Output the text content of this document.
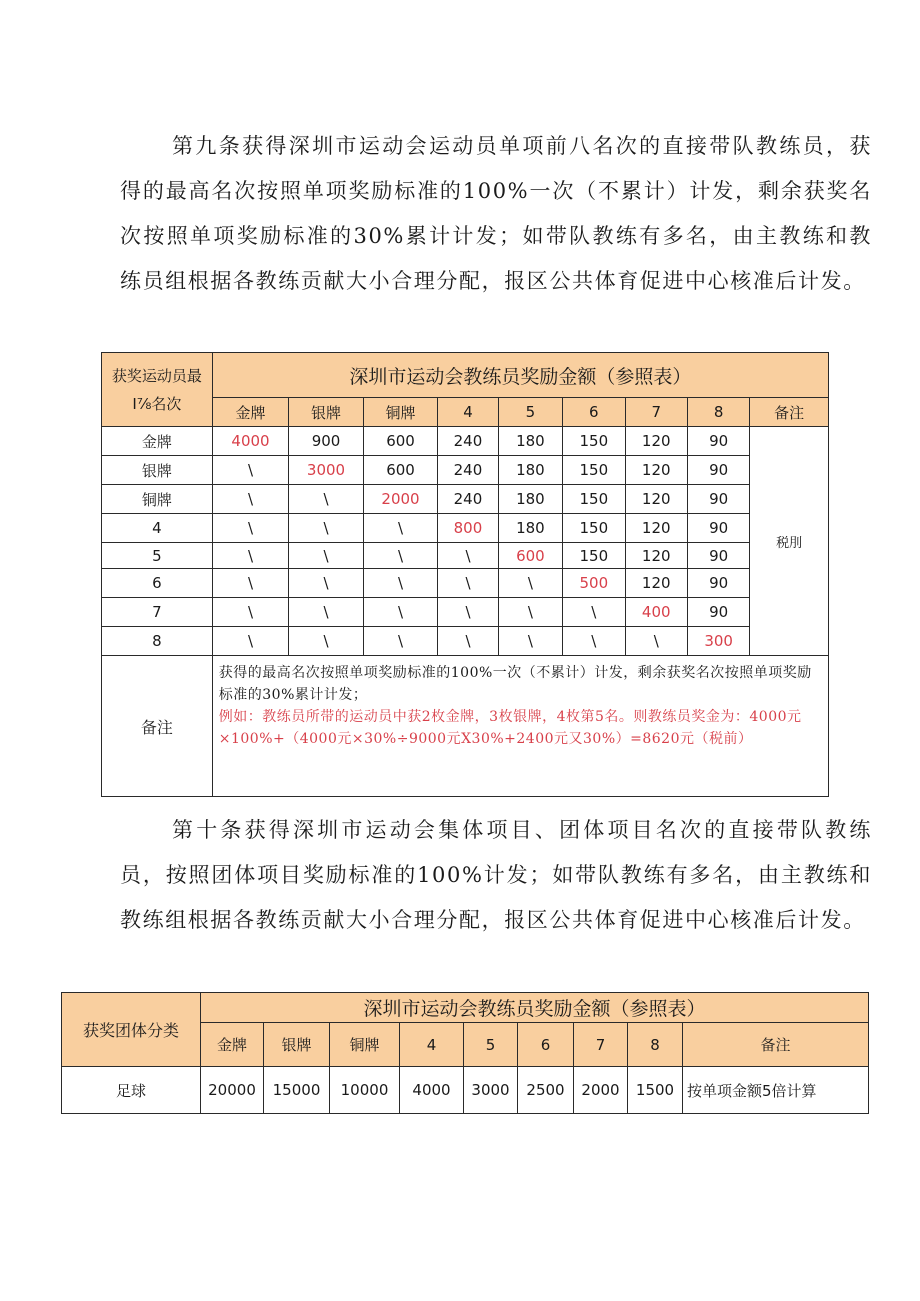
第九条获得深圳市运动会运动员单项前八名次的直接带队教练员，获得的最高名次按照单项奖励标准的100%一次（不累计）计发，剩余获奖名次按照单项奖励标准的30%累计计发；如带队教练有多名，由主教练和教练员组根据各教练贡献大小合理分配，报区公共体育促进中心核准后计发。

获奖运动员最
I⅞名次	深圳市运动会教练员奖励金额（参照表）								
	金牌	银牌	铜牌	4	5	6	7	8	备注
金牌	4000	900	600	240	180	150	120	90	税刖
银牌	\	3000	600	240	180	150	120	90	
铜牌	\	\	2000	240	180	150	120	90	
4	\	\	\	800	180	150	120	90	
5	\	\	\	\	600	150	120	90	
6	\	\	\	\	\	500	120	90	
7	\	\	\	\	\	\	400	90	
8	\	\	\	\	\	\	\	300	
备注	获得的最高名次按照单项奖励标准的100%一次（不累计）计发，剩余获奖名次按照单项奖励标准的30%累计计发；
例如：教练员所带的运动员中获2枚金牌，3枚银牌，4枚第5名。则教练员奖金为：4000元×100%+（4000元×30%÷9000元X30%+2400元又30%）=8620元（税前）								

第十条获得深圳市运动会集体项目、团体项目名次的直接带队教练员，按照团体项目奖励标准的100%计发；如带队教练有多名，由主教练和教练组根据各教练贡献大小合理分配，报区公共体育促进中心核准后计发。

获奖团体分类	深圳市运动会教练员奖励金额（参照表）								
	金牌	银牌	铜牌	4	5	6	7	8	备注
足球	20000	15000	10000	4000	3000	2500	2000	1500	按单项金额5倍计算
